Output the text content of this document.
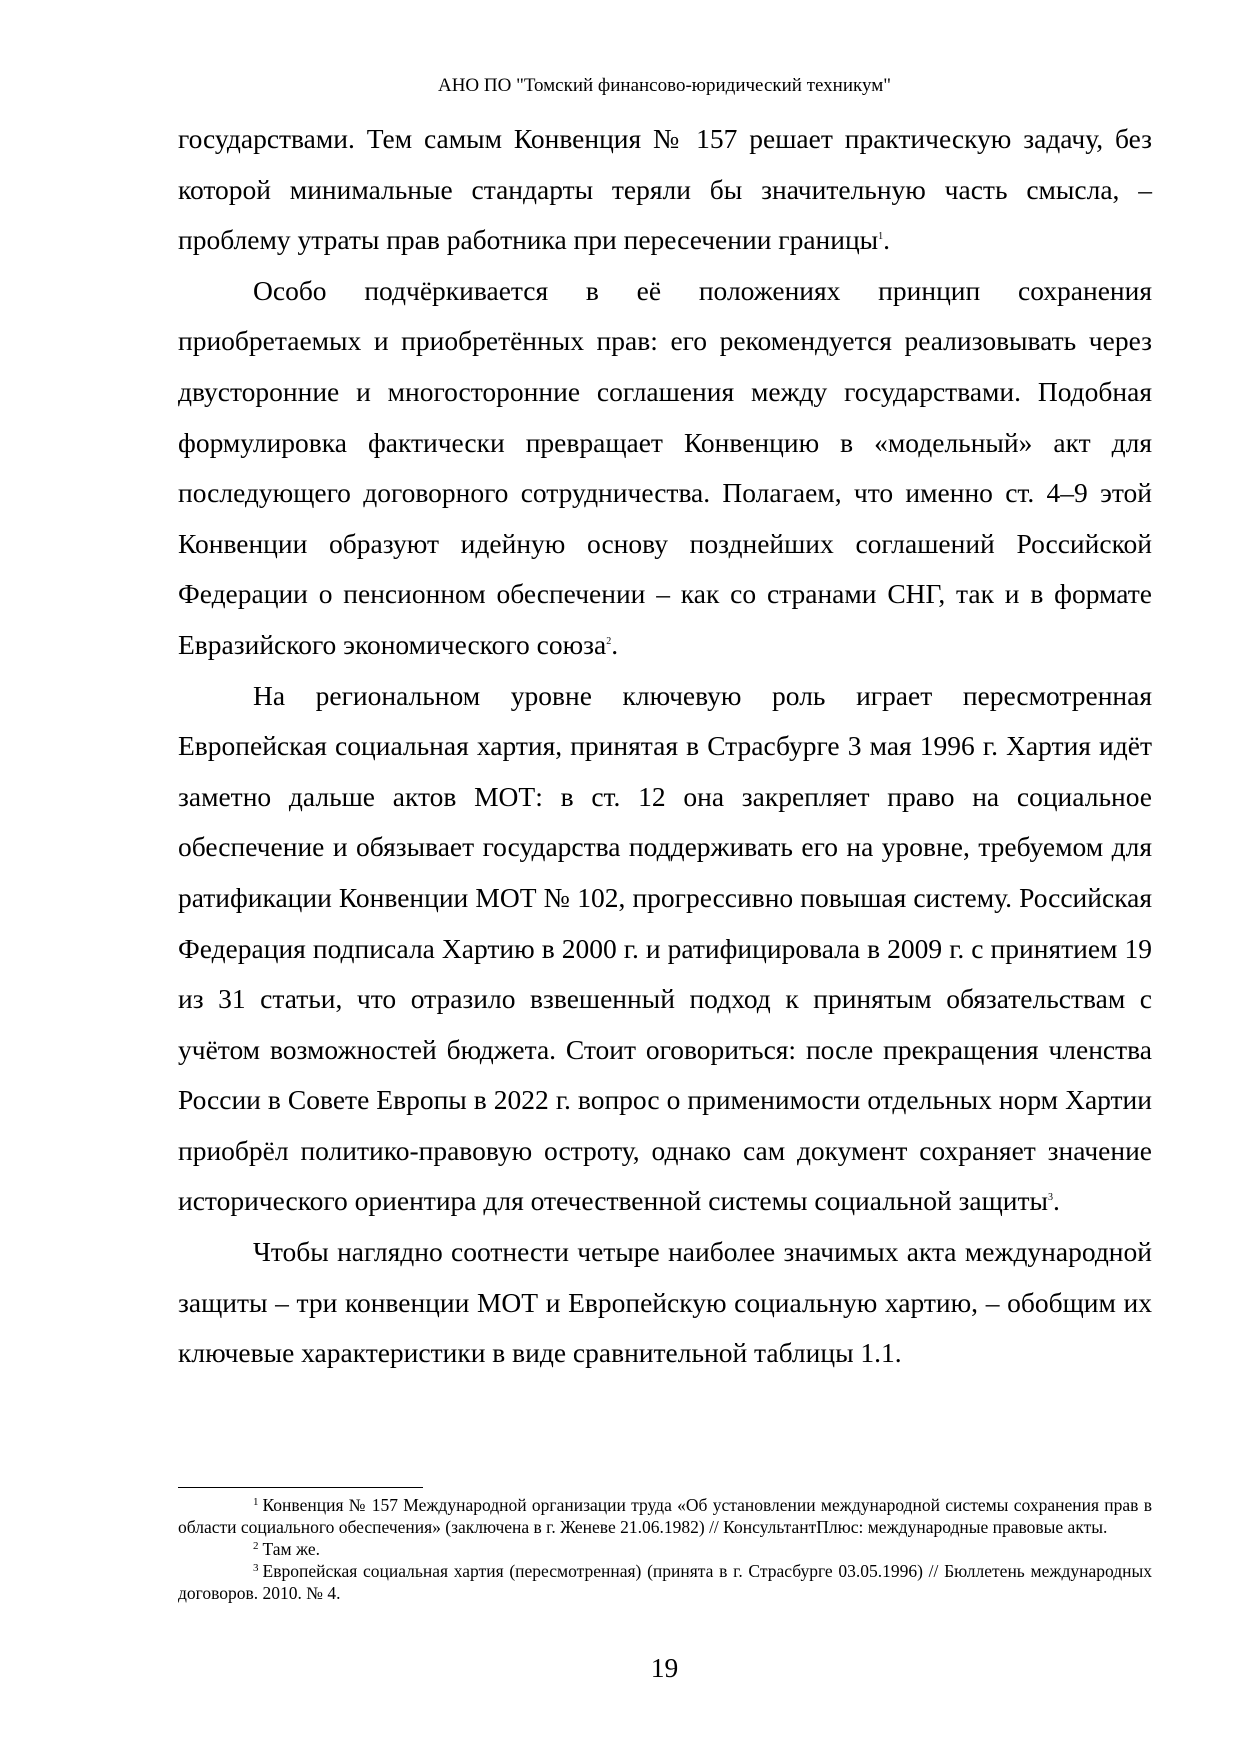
АНО ПО "Томский финансово-юридический техникум"

государствами. Тем самым Конвенция № 157 решает практическую задачу, без которой минимальные стандарты теряли бы значительную часть смысла, – проблему утраты прав работника при пересечении границы$^1$.

Особо подчёркивается в её положениях принцип сохранения приобретаемых и приобретённых прав: его рекомендуется реализовывать через двусторонние и многосторонние соглашения между государствами. Подобная формулировка фактически превращает Конвенцию в «модельный» акт для последующего договорного сотрудничества. Полагаем, что именно ст. 4–9 этой Конвенции образуют идейную основу позднейших соглашений Российской Федерации о пенсионном обеспечении – как со странами СНГ, так и в формате Евразийского экономического союза$^2$.

На региональном уровне ключевую роль играет пересмотренная Европейская социальная хартия, принятая в Страсбурге 3 мая 1996 г. Хартия идёт заметно дальше актов МОТ: в ст. 12 она закрепляет право на социальное обеспечение и обязывает государства поддерживать его на уровне, требуемом для ратификации Конвенции МОТ № 102, прогрессивно повышая систему. Российская Федерация подписала Хартию в 2000 г. и ратифицировала в 2009 г. с принятием 19 из 31 статьи, что отразило взвешенный подход к принятым обязательствам с учётом возможностей бюджета. Стоит оговориться: после прекращения членства России в Совете Европы в 2022 г. вопрос о применимости отдельных норм Хартии приобрёл политико-правовую остроту, однако сам документ сохраняет значение исторического ориентира для отечественной системы социальной защиты$^3$.

Чтобы наглядно соотнести четыре наиболее значимых акта международной защиты – три конвенции МОТ и Европейскую социальную хартию, – обобщим их ключевые характеристики в виде сравнительной таблицы 1.1.

$^1$ Конвенция № 157 Международной организации труда «Об установлении международной системы сохранения прав в области социального обеспечения» (заключена в г. Женеве 21.06.1982) // КонсультантПлюс: международные правовые акты.

$^2$ Там же.

$^3$ Европейская социальная хартия (пересмотренная) (принята в г. Страсбурге 03.05.1996) // Бюллетень международных договоров. 2010. № 4.

19
